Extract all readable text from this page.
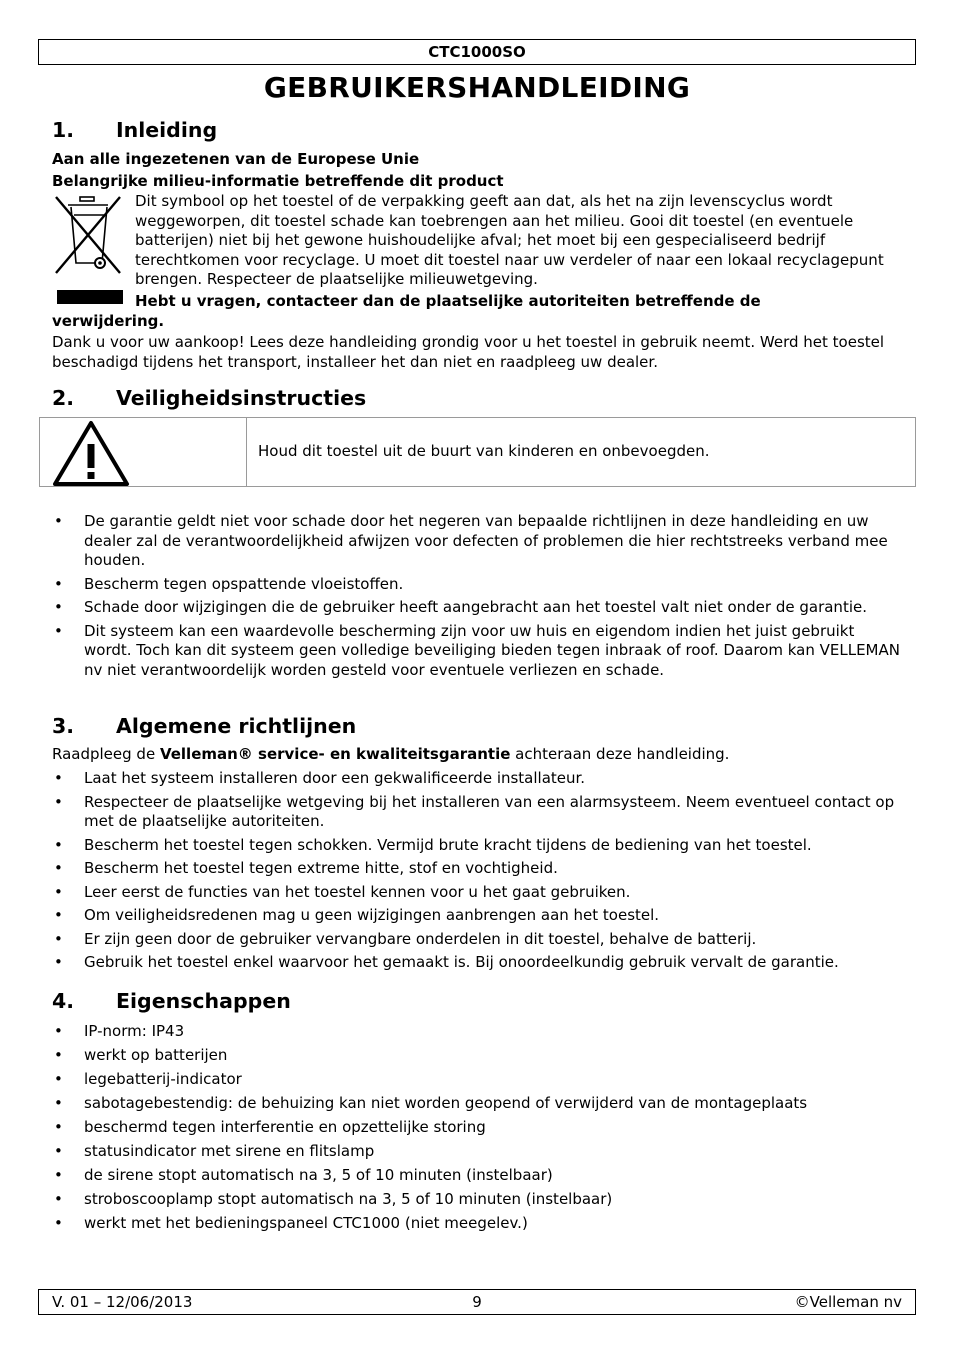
CTC1000SO
GEBRUIKERSHANDLEIDING
1. Inleiding
Aan alle ingezetenen van de Europese Unie
Belangrijke milieu-informatie betreffende dit product
Dit symbool op het toestel of de verpakking geeft aan dat, als het na zijn levenscyclus wordt weggeworpen, dit toestel schade kan toebrengen aan het milieu. Gooi dit toestel (en eventuele batterijen) niet bij het gewone huishoudelijke afval; het moet bij een gespecialiseerd bedrijf terechtkomen voor recyclage. U moet dit toestel naar uw verdeler of naar een lokaal recyclagepunt brengen. Respecteer de plaatselijke milieuwetgeving.
Hebt u vragen, contacteer dan de plaatselijke autoriteiten betreffende de
verwijdering.
Dank u voor uw aankoop! Lees deze handleiding grondig voor u het toestel in gebruik neemt. Werd het toestel beschadigd tijdens het transport, installeer het dan niet en raadpleeg uw dealer.
2. Veiligheidsinstructies
Houd dit toestel uit de buurt van kinderen en onbevoegden.
• De garantie geldt niet voor schade door het negeren van bepaalde richtlijnen in deze handleiding en uw dealer zal de verantwoordelijkheid afwijzen voor defecten of problemen die hier rechtstreeks verband mee houden.
• Bescherm tegen opspattende vloeistoffen.
• Schade door wijzigingen die de gebruiker heeft aangebracht aan het toestel valt niet onder de garantie.
• Dit systeem kan een waardevolle bescherming zijn voor uw huis en eigendom indien het juist gebruikt wordt. Toch kan dit systeem geen volledige beveiliging bieden tegen inbraak of roof. Daarom kan VELLEMAN nv niet verantwoordelijk worden gesteld voor eventuele verliezen en schade.
3. Algemene richtlijnen
Raadpleeg de Velleman® service- en kwaliteitsgarantie achteraan deze handleiding.
• Laat het systeem installeren door een gekwalificeerde installateur.
• Respecteer de plaatselijke wetgeving bij het installeren van een alarmsysteem. Neem eventueel contact op met de plaatselijke autoriteiten.
• Bescherm het toestel tegen schokken. Vermijd brute kracht tijdens de bediening van het toestel.
• Bescherm het toestel tegen extreme hitte, stof en vochtigheid.
• Leer eerst de functies van het toestel kennen voor u het gaat gebruiken.
• Om veiligheidsredenen mag u geen wijzigingen aanbrengen aan het toestel.
• Er zijn geen door de gebruiker vervangbare onderdelen in dit toestel, behalve de batterij.
• Gebruik het toestel enkel waarvoor het gemaakt is. Bij onoordeelkundig gebruik vervalt de garantie.
4. Eigenschappen
• IP-norm: IP43
• werkt op batterijen
• legebatterij-indicator
• sabotagebestendig: de behuizing kan niet worden geopend of verwijderd van de montageplaats
• beschermd tegen interferentie en opzettelijke storing
• statusindicator met sirene en flitslamp
• de sirene stopt automatisch na 3, 5 of 10 minuten (instelbaar)
• stroboscooplamp stopt automatisch na 3, 5 of 10 minuten (instelbaar)
• werkt met het bedieningspaneel CTC1000 (niet meegelev.)
V. 01 – 12/06/2013	9	©Velleman nv
